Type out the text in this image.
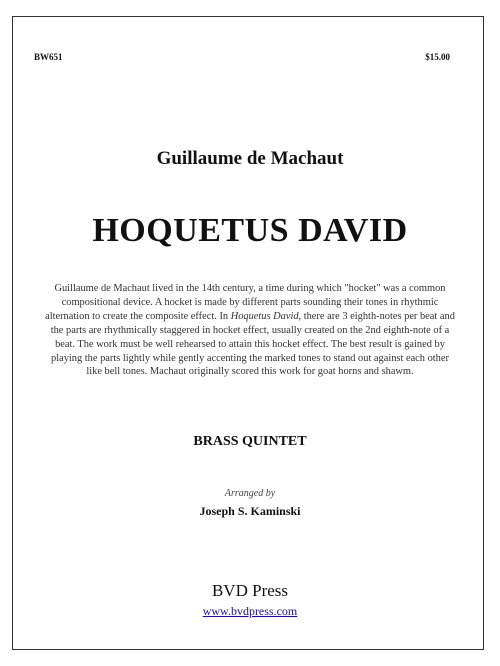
BW651	$15.00

Guillaume de Machaut
HOQUETUS DAVID

Guillaume de Machaut lived in the 14th century, a time during which "hocket" was a common compositional device. A hocket is made by different parts sounding their tones in rhythmic alternation to create the composite effect. In Hoquetus David, there are 3 eighth-notes per beat and the parts are rhythmically staggered in hocket effect, usually created on the 2nd eighth-note of a beat. The work must be well rehearsed to attain this hocket effect. The best result is gained by playing the parts lightly while gently accenting the marked tones to stand out against each other like bell tones. Machaut originally scored this work for goat horns and shawm.

BRASS QUINTET

Arranged by

Joseph S. Kaminski

BVD Press

www.bvdpress.com
